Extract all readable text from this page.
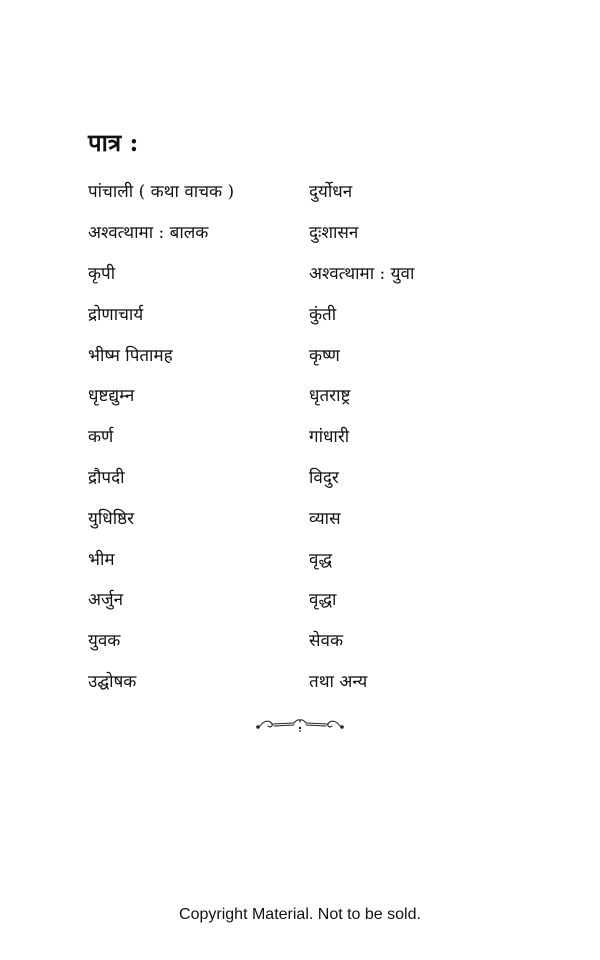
पात्र :
पांचाली ( कथा वाचक )	दुर्योधन
अश्वत्थामा : बालक	दुःशासन
कृपी	अश्वत्थामा : युवा
द्रोणाचार्य	कुंती
भीष्म पितामह	कृष्ण
धृष्टद्युम्न	धृतराष्ट्र
कर्ण	गांधारी
द्रौपदी	विदुर
युधिष्ठिर	व्यास
भीम	वृद्ध
अर्जुन	वृद्धा
युवक	सेवक
उद्घोषक	तथा अन्य
Copyright Material. Not to be sold.
